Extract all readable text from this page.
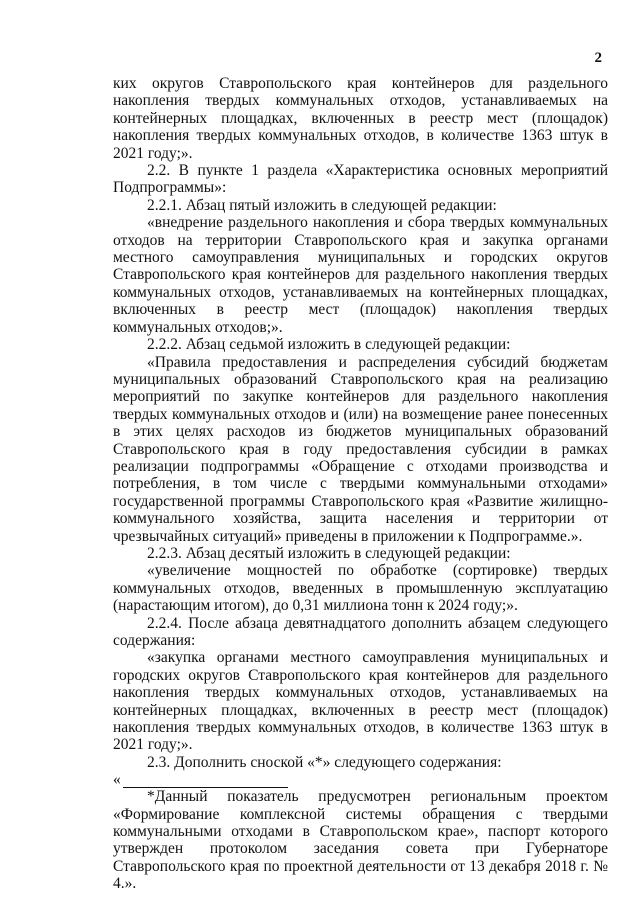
2

ких округов Ставропольского края контейнеров для раздельного накопления твердых коммунальных отходов, устанавливаемых на контейнерных площадках, включенных в реестр мест (площадок) накопления твердых коммунальных отходов, в количестве 1363 штук в 2021 году;».

2.2. В пункте 1 раздела «Характеристика основных мероприятий Подпрограммы»:

2.2.1. Абзац пятый изложить в следующей редакции:

«внедрение раздельного накопления и сбора твердых коммунальных отходов на территории Ставропольского края и закупка органами местного самоуправления муниципальных и городских округов Ставропольского края контейнеров для раздельного накопления твердых коммунальных отходов, устанавливаемых на контейнерных площадках, включенных в реестр мест (площадок) накопления твердых коммунальных отходов;».

2.2.2. Абзац седьмой изложить в следующей редакции:

«Правила предоставления и распределения субсидий бюджетам муниципальных образований Ставропольского края на реализацию мероприятий по закупке контейнеров для раздельного накопления твердых коммунальных отходов и (или) на возмещение ранее понесенных в этих целях расходов из бюджетов муниципальных образований Ставропольского края в году предоставления субсидии в рамках реализации подпрограммы «Обращение с отходами производства и потребления, в том числе с твердыми коммунальными отходами» государственной программы Ставропольского края «Развитие жилищно-коммунального хозяйства, защита населения и территории от чрезвычайных ситуаций» приведены в приложении к Подпрограмме.».

2.2.3. Абзац десятый изложить в следующей редакции:

«увеличение мощностей по обработке (сортировке) твердых коммунальных отходов, введенных в промышленную эксплуатацию (нарастающим итогом), до 0,31 миллиона тонн к 2024 году;».

2.2.4. После абзаца девятнадцатого дополнить абзацем следующего содержания:

«закупка органами местного самоуправления муниципальных и городских округов Ставропольского края контейнеров для раздельного накопления твердых коммунальных отходов, устанавливаемых на контейнерных площадках, включенных в реестр мест (площадок) накопления твердых коммунальных отходов, в количестве 1363 штук в 2021 году;».

2.3. Дополнить сноской «*» следующего содержания:

«

*Данный показатель предусмотрен региональным проектом «Формирование комплексной системы обращения с твердыми коммунальными отходами в Ставропольском крае», паспорт которого утвержден протоколом заседания совета при Губернаторе Ставропольского края по проектной деятельности от 13 декабря 2018 г. № 4.».
